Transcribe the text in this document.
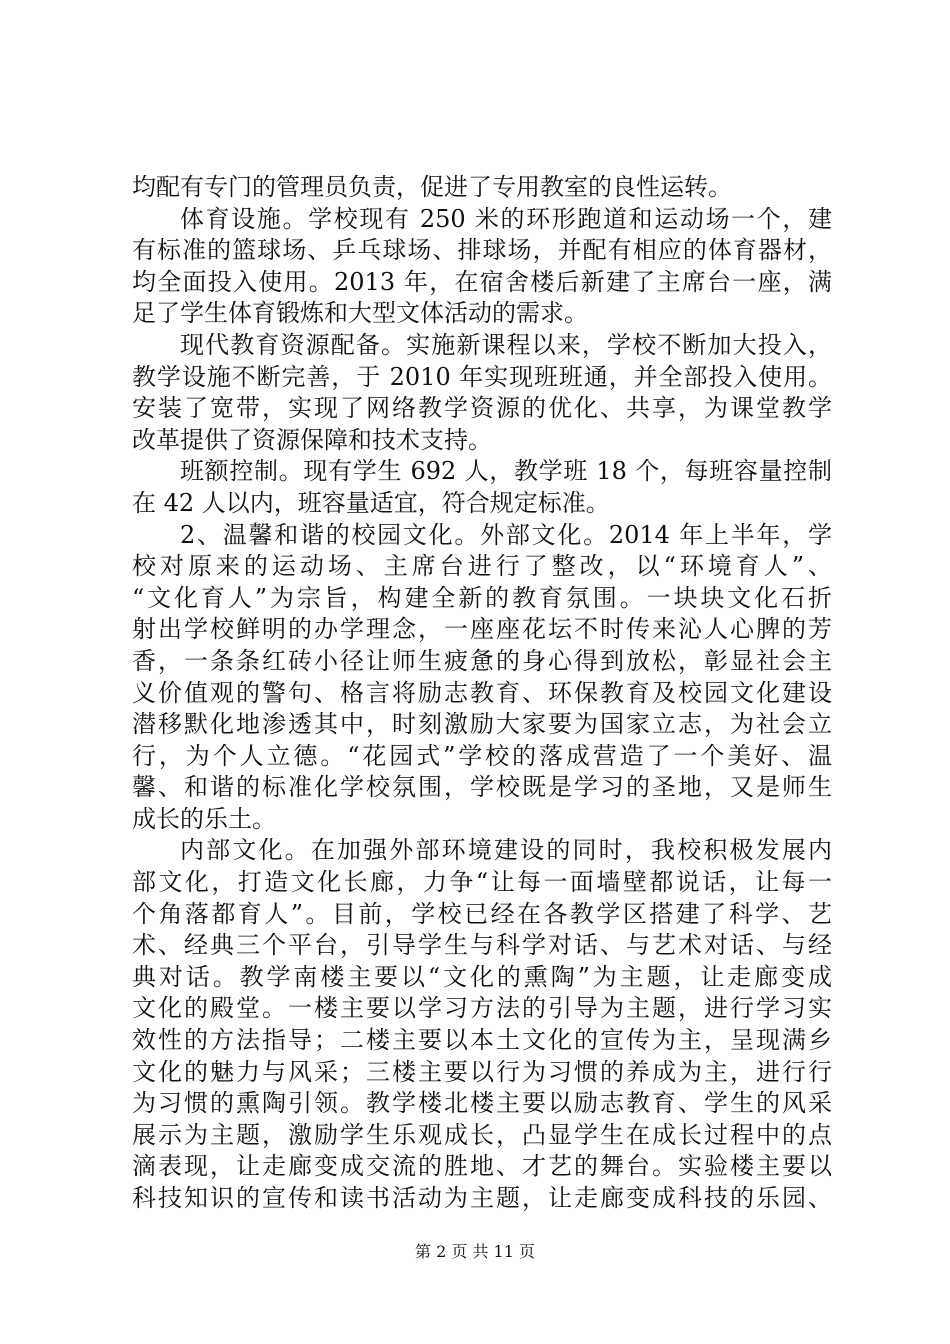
均配有专门的管理员负责，促进了专用教室的良性运转。
体育设施。学校现有 250 米的环形跑道和运动场一个，建
有标准的篮球场、乒乓球场、排球场，并配有相应的体育器材，
均全面投入使用。2013 年，在宿舍楼后新建了主席台一座，满
足了学生体育锻炼和大型文体活动的需求。
现代教育资源配备。实施新课程以来，学校不断加大投入，
教学设施不断完善，于 2010 年实现班班通，并全部投入使用。
安装了宽带，实现了网络教学资源的优化、共享，为课堂教学
改革提供了资源保障和技术支持。
班额控制。现有学生 692 人，教学班 18 个，每班容量控制
在 42 人以内，班容量适宜，符合规定标准。
2、温馨和谐的校园文化。外部文化。2014 年上半年，学
校对原来的运动场、主席台进行了整改，以“环境育人”、
“文化育人”为宗旨，构建全新的教育氛围。一块块文化石折
射出学校鲜明的办学理念，一座座花坛不时传来沁人心脾的芳
香，一条条红砖小径让师生疲惫的身心得到放松，彰显社会主
义价值观的警句、格言将励志教育、环保教育及校园文化建设
潜移默化地渗透其中，时刻激励大家要为国家立志，为社会立
行，为个人立德。“花园式”学校的落成营造了一个美好、温
馨、和谐的标准化学校氛围，学校既是学习的圣地，又是师生
成长的乐土。
内部文化。在加强外部环境建设的同时，我校积极发展内
部文化，打造文化长廊，力争“让每一面墙壁都说话，让每一
个角落都育人”。目前，学校已经在各教学区搭建了科学、艺
术、经典三个平台，引导学生与科学对话、与艺术对话、与经
典对话。教学南楼主要以“文化的熏陶”为主题，让走廊变成
文化的殿堂。一楼主要以学习方法的引导为主题，进行学习实
效性的方法指导；二楼主要以本土文化的宣传为主，呈现满乡
文化的魅力与风采；三楼主要以行为习惯的养成为主，进行行
为习惯的熏陶引领。教学楼北楼主要以励志教育、学生的风采
展示为主题，激励学生乐观成长，凸显学生在成长过程中的点
滴表现，让走廊变成交流的胜地、才艺的舞台。实验楼主要以
科技知识的宣传和读书活动为主题，让走廊变成科技的乐园、
第 2 页 共 11 页
